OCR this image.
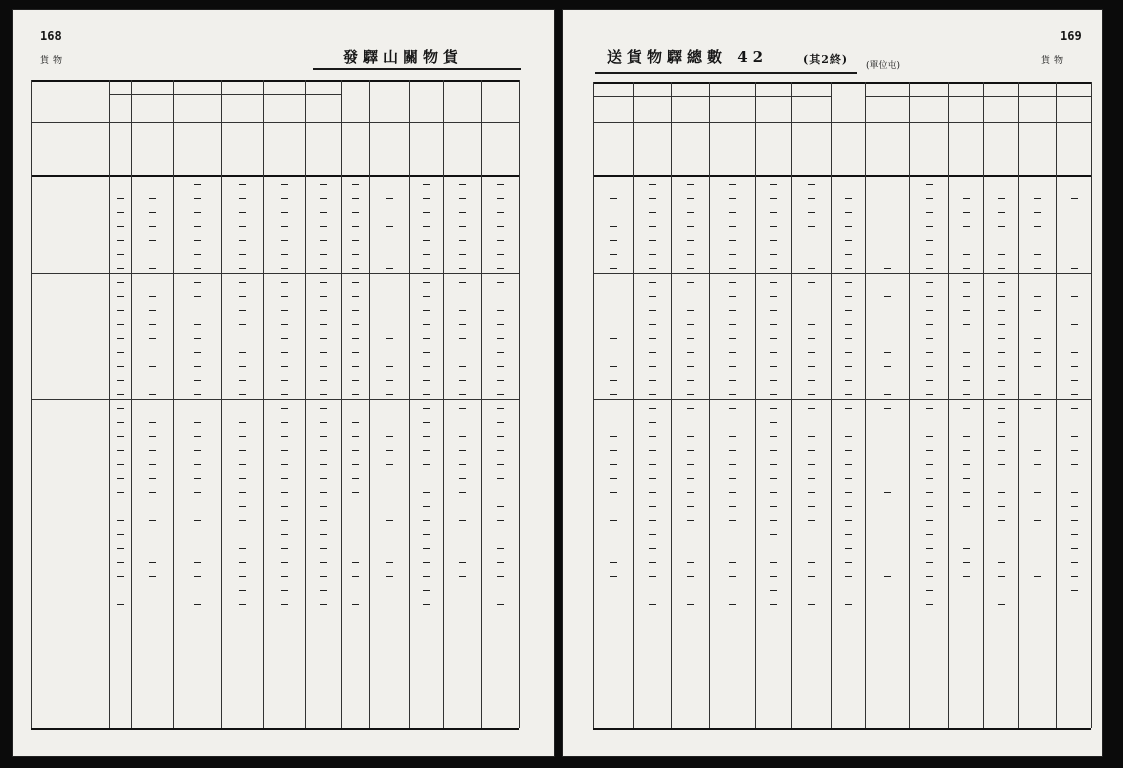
168
貨物	發驛山關物貨
169
貨物
送貨物驛總數 42	(其2終) (單位屯)
